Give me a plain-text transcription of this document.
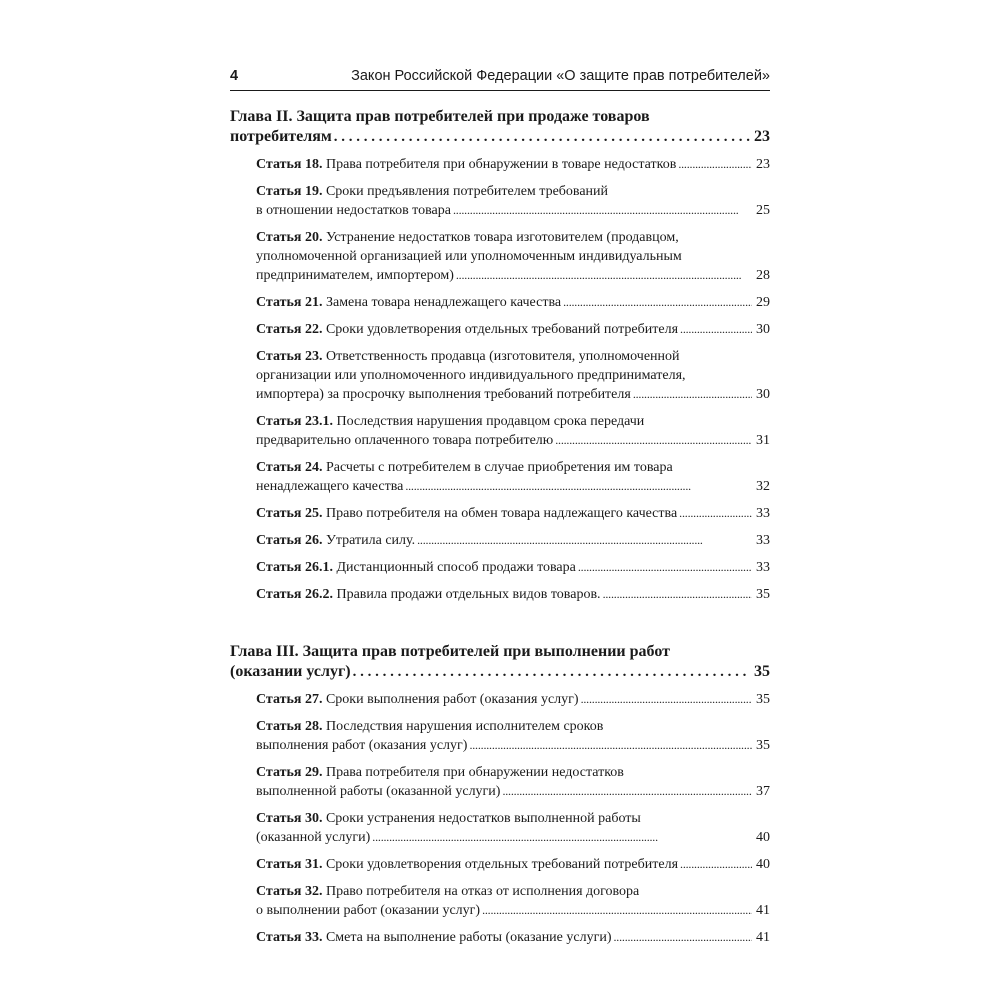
4	Закон Российской Федерации «О защите прав потребителей»
Глава II. Защита прав потребителей при продаже товаров
потребителям . . .	23
Статья 18. Права потребителя при обнаружении в товаре недостатков . . .	23
Статья 19. Сроки предъявления потребителем требований
в отношении недостатков товара . . .	25
Статья 20. Устранение недостатков товара изготовителем (продавцом,
уполномоченной организацией или уполномоченным индивидуальным
предпринимателем, импортером) . . .	28
Статья 21. Замена товара ненадлежащего качества . . .	29
Статья 22. Сроки удовлетворения отдельных требований потребителя . . .	30
Статья 23. Ответственность продавца (изготовителя, уполномоченной
организации или уполномоченного индивидуального предпринимателя,
импортера) за просрочку выполнения требований потребителя . . .	30
Статья 23.1. Последствия нарушения продавцом срока передачи
предварительно оплаченного товара потребителю . . .	31
Статья 24. Расчеты с потребителем в случае приобретения им товара
ненадлежащего качества . . .	32
Статья 25. Право потребителя на обмен товара надлежащего качества . . .	33
Статья 26. Утратила силу. . . .	33
Статья 26.1. Дистанционный способ продажи товара . . .	33
Статья 26.2. Правила продажи отдельных видов товаров. . . .	35
Глава III. Защита прав потребителей при выполнении работ
(оказании услуг) . . .	35
Статья 27. Сроки выполнения работ (оказания услуг) . . .	35
Статья 28. Последствия нарушения исполнителем сроков
выполнения работ (оказания услуг) . . .	35
Статья 29. Права потребителя при обнаружении недостатков
выполненной работы (оказанной услуги) . . .	37
Статья 30. Сроки устранения недостатков выполненной работы
(оказанной услуги) . . .	40
Статья 31. Сроки удовлетворения отдельных требований потребителя . . .	40
Статья 32. Право потребителя на отказ от исполнения договора
о выполнении работ (оказании услуг) . . .	41
Статья 33. Смета на выполнение работы (оказание услуги) . . .	41
